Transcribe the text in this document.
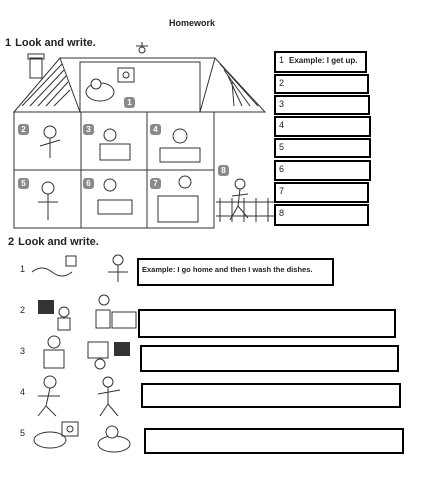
Homework
1 Look and write.
1
2	3	4
5	6	7
8
1 Example: I get up.
2
3
4
5
6
7
8
2 Look and write.
1
2
3
4
5
Example: I go home and then I wash the dishes.
